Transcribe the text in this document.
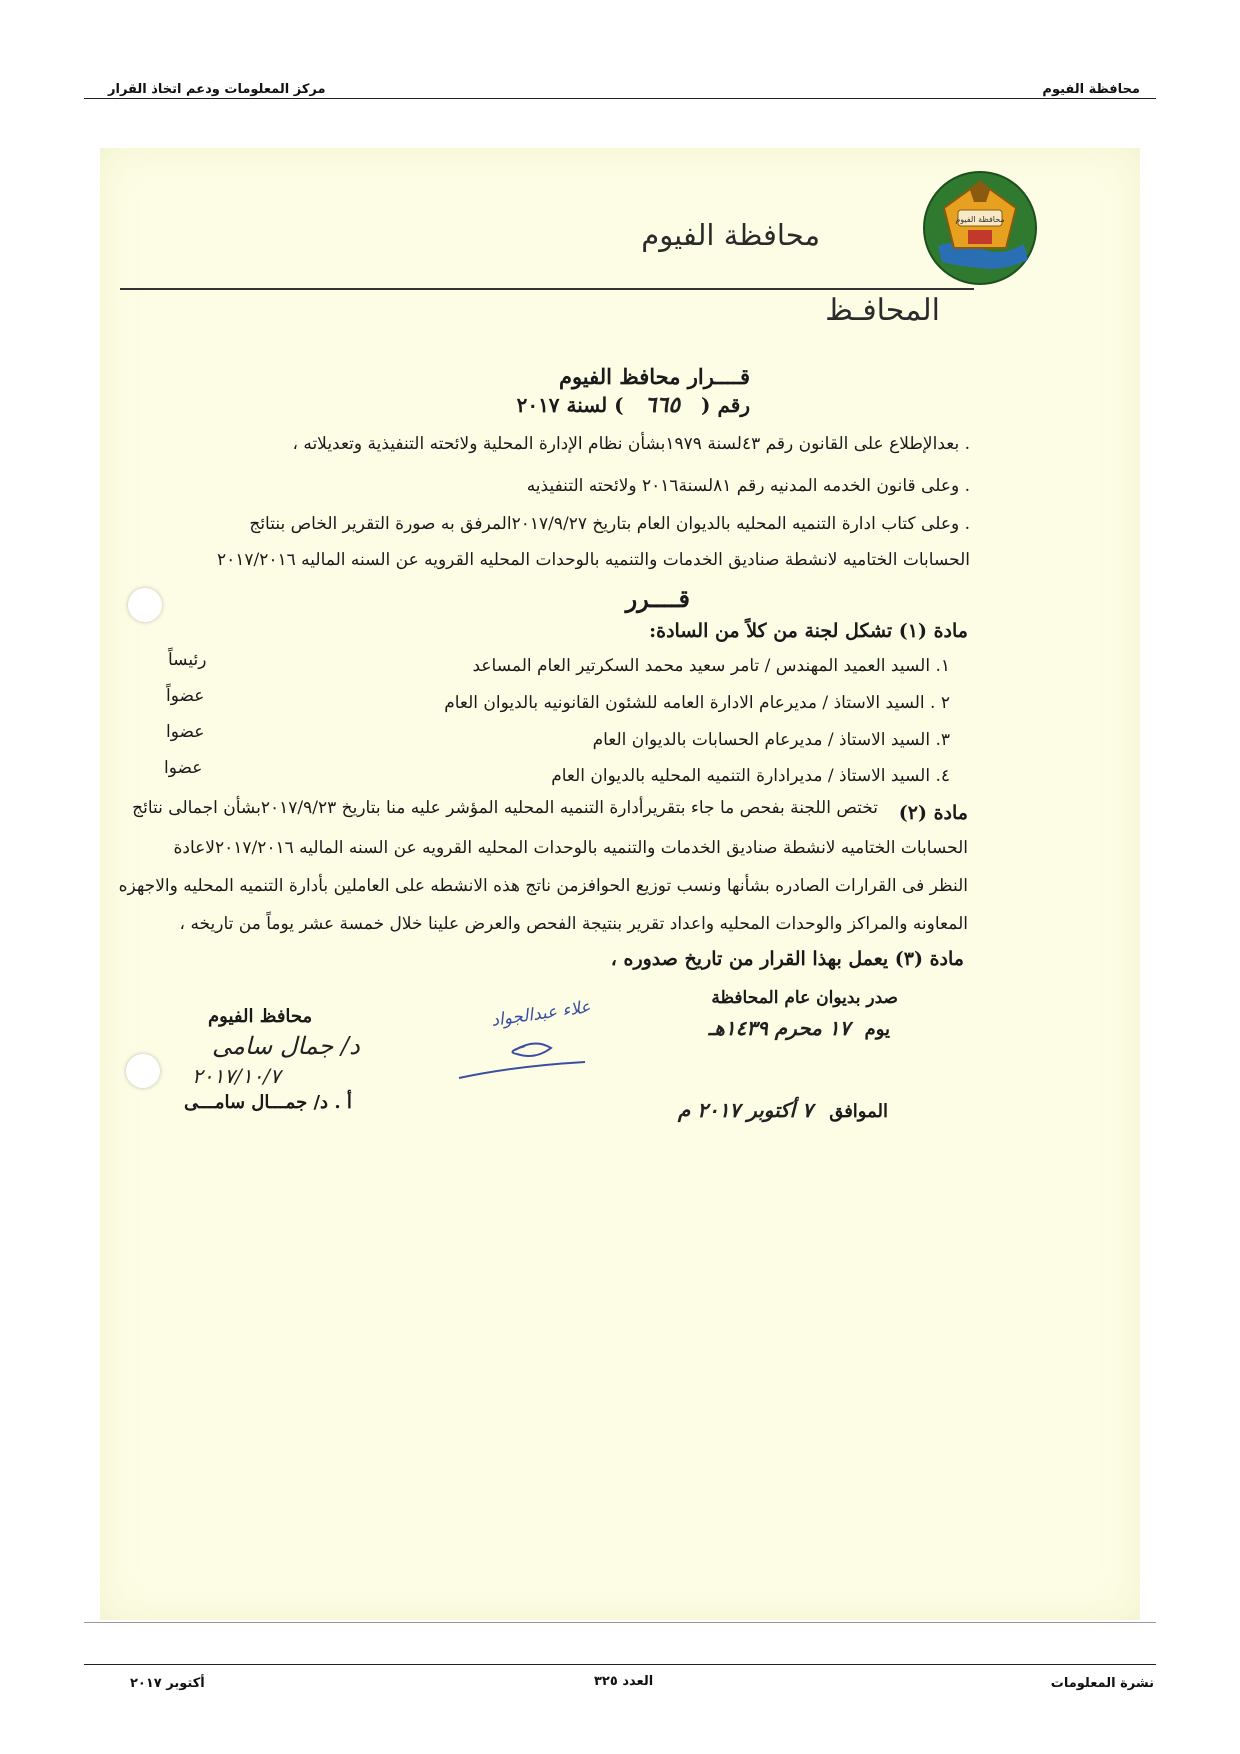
محافظة الفيوم
مركز المعلومات ودعم اتخاذ القرار
محافظة الفيوم
محافظة الفيوم
المحافـظ
قــــرار محافظ الفيوم
رقم ( ٦٦٥ ) لسنة ٢٠١٧
. بعدالإطلاع على القانون رقم ٤٣لسنة ١٩٧٩بشأن نظام الإدارة المحلية ولائحته التنفيذية وتعديلاته ،
. وعلى قانون الخدمه المدنيه رقم ٨١لسنة٢٠١٦ ولائحته التنفيذيه
. وعلى كتاب ادارة التنميه المحليه بالديوان العام بتاريخ ٢٠١٧/٩/٢٧المرفق به صورة التقرير الخاص بنتائج
الحسابات الختاميه لانشطة صناديق الخدمات والتنميه بالوحدات المحليه القرويه عن السنه الماليه ٢٠١٧/٢٠١٦
قــــرر
مادة (١) تشكل لجنة من كلاً من السادة:
١. السيد العميد المهندس / تامر سعيد محمد السكرتير العام المساعد
رئيساً
٢ . السيد الاستاذ / مديرعام الادارة العامه للشئون القانونيه بالديوان العام
عضواً
٣. السيد الاستاذ / مديرعام الحسابات بالديوان العام
عضوا
٤. السيد الاستاذ / مديرادارة التنميه المحليه بالديوان العام
عضوا
مادة (٢)
تختص اللجنة بفحص ما جاء بتقريرأدارة التنميه المحليه المؤشر عليه منا بتاريخ ٢٠١٧/٩/٢٣بشأن اجمالى نتائج
الحسابات الختاميه لانشطة صناديق الخدمات والتنميه بالوحدات المحليه القرويه عن السنه الماليه ٢٠١٧/٢٠١٦لاعادة
النظر فى القرارات الصادره بشأنها ونسب توزيع الحوافزمن ناتج هذه الانشطه على العاملين بأدارة التنميه المحليه والاجهزه
المعاونه والمراكز والوحدات المحليه واعداد تقرير بنتيجة الفحص والعرض علينا خلال خمسة عشر يوماً من تاريخه ،
مادة (٣) يعمل بهذا القرار من تاريخ صدوره ،
صدر بديوان عام المحافظة
يوم ١٧ محرم ١٤٣٩هـ
الموافق ٧ أكتوبر ٢٠١٧ م
علاء عبدالجواد
محافظ الفيوم
د/ جمال سامى
٢٠١٧/١٠/٧
أ . د/ جمـــال سامـــى
نشرة المعلومات
العدد ٣٢٥
أكتوبر ٢٠١٧
